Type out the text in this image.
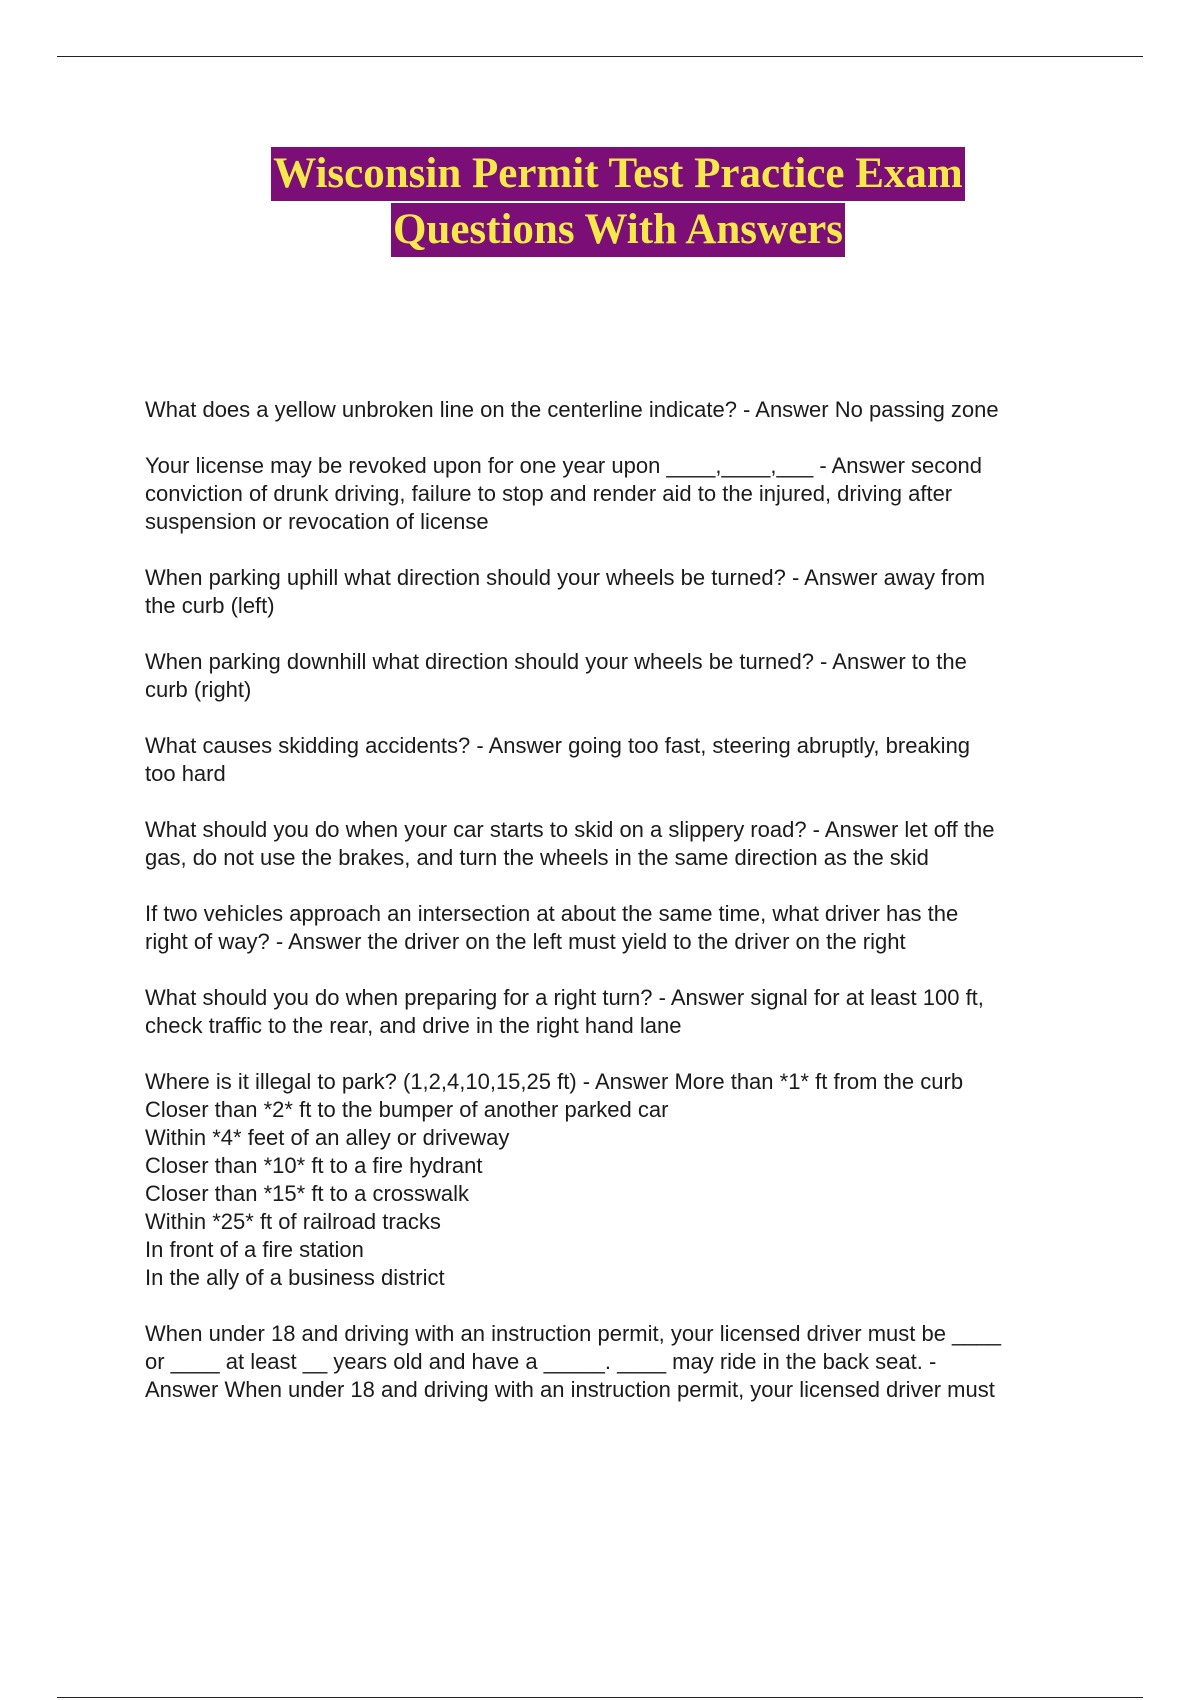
Wisconsin Permit Test Practice Exam
Questions With Answers
What does a yellow unbroken line on the centerline indicate? - Answer No passing zone
Your license may be revoked upon for one year upon ____,____,___ - Answer second
conviction of drunk driving, failure to stop and render aid to the injured, driving after
suspension or revocation of license
When parking uphill what direction should your wheels be turned? - Answer away from
the curb (left)
When parking downhill what direction should your wheels be turned? - Answer to the
curb (right)
What causes skidding accidents? - Answer going too fast, steering abruptly, breaking
too hard
What should you do when your car starts to skid on a slippery road? - Answer let off the
gas, do not use the brakes, and turn the wheels in the same direction as the skid
If two vehicles approach an intersection at about the same time, what driver has the
right of way? - Answer the driver on the left must yield to the driver on the right
What should you do when preparing for a right turn? - Answer signal for at least 100 ft,
check traffic to the rear, and drive in the right hand lane
Where is it illegal to park? (1,2,4,10,15,25 ft) - Answer More than *1* ft from the curb
Closer than *2* ft to the bumper of another parked car
Within *4* feet of an alley or driveway
Closer than *10* ft to a fire hydrant
Closer than *15* ft to a crosswalk
Within *25* ft of railroad tracks
In front of a fire station
In the ally of a business district
When under 18 and driving with an instruction permit, your licensed driver must be ____
or ____ at least __ years old and have a _____. ____ may ride in the back seat. -
Answer When under 18 and driving with an instruction permit, your licensed driver must
